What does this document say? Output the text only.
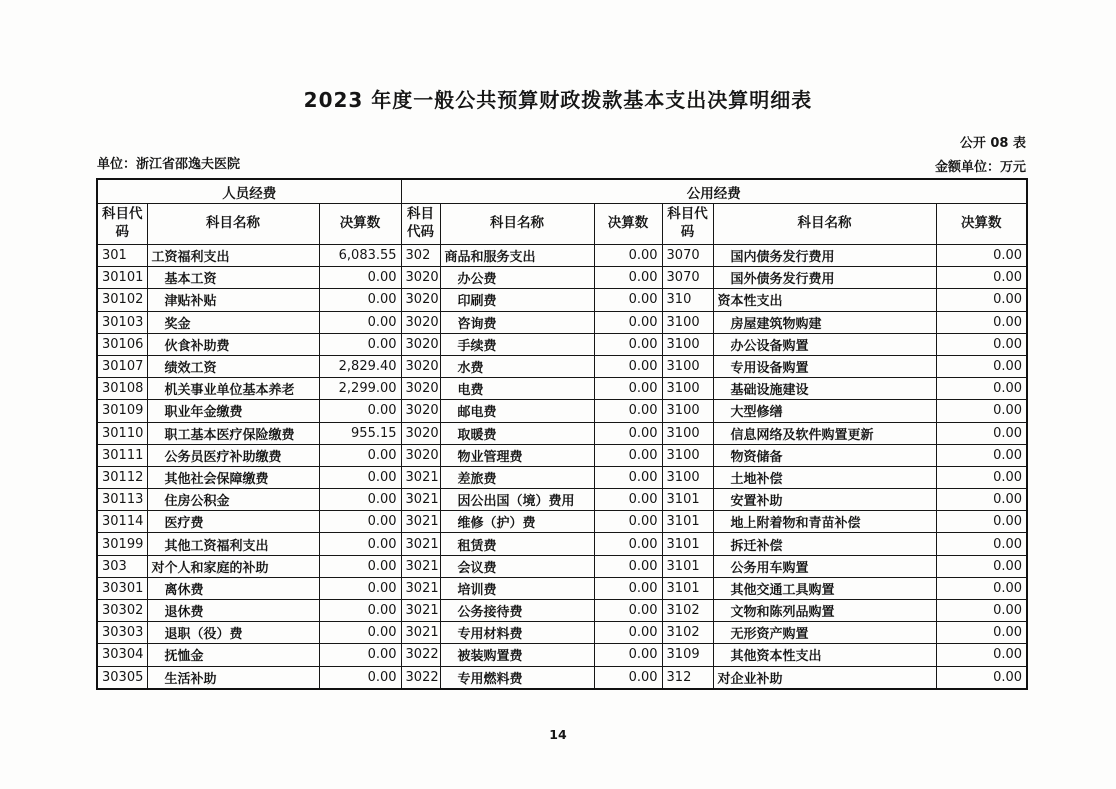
2023 年度一般公共预算财政拨款基本支出决算明细表
公开 08 表
单位：浙江省邵逸夫医院	金额单位：万元
人员经费			公用经费					
科目代码	科目名称	决算数	科目代码	科目名称	决算数	科目代码	科目名称	决算数
301	工资福利支出	6,083.55	302	商品和服务支出	0.00	3070	　国内债务发行费用	0.00
30101	　基本工资	0.00	3020	　办公费	0.00	3070	　国外债务发行费用	0.00
30102	　津贴补贴	0.00	3020	　印刷费	0.00	310	资本性支出	0.00
30103	　奖金	0.00	3020	　咨询费	0.00	3100	　房屋建筑物购建	0.00
30106	　伙食补助费	0.00	3020	　手续费	0.00	3100	　办公设备购置	0.00
30107	　绩效工资	2,829.40	3020	　水费	0.00	3100	　专用设备购置	0.00
30108	　机关事业单位基本养老	2,299.00	3020	　电费	0.00	3100	　基础设施建设	0.00
30109	　职业年金缴费	0.00	3020	　邮电费	0.00	3100	　大型修缮	0.00
30110	　职工基本医疗保险缴费	955.15	3020	　取暖费	0.00	3100	　信息网络及软件购置更新	0.00
30111	　公务员医疗补助缴费	0.00	3020	　物业管理费	0.00	3100	　物资储备	0.00
30112	　其他社会保障缴费	0.00	3021	　差旅费	0.00	3100	　土地补偿	0.00
30113	　住房公积金	0.00	3021	　因公出国（境）费用	0.00	3101	　安置补助	0.00
30114	　医疗费	0.00	3021	　维修（护）费	0.00	3101	　地上附着物和青苗补偿	0.00
30199	　其他工资福利支出	0.00	3021	　租赁费	0.00	3101	　拆迁补偿	0.00
303	对个人和家庭的补助	0.00	3021	　会议费	0.00	3101	　公务用车购置	0.00
30301	　离休费	0.00	3021	　培训费	0.00	3101	　其他交通工具购置	0.00
30302	　退休费	0.00	3021	　公务接待费	0.00	3102	　文物和陈列品购置	0.00
30303	　退职（役）费	0.00	3021	　专用材料费	0.00	3102	　无形资产购置	0.00
30304	　抚恤金	0.00	3022	　被装购置费	0.00	3109	　其他资本性支出	0.00
30305	　生活补助	0.00	3022	　专用燃料费	0.00	312	对企业补助	0.00
14
